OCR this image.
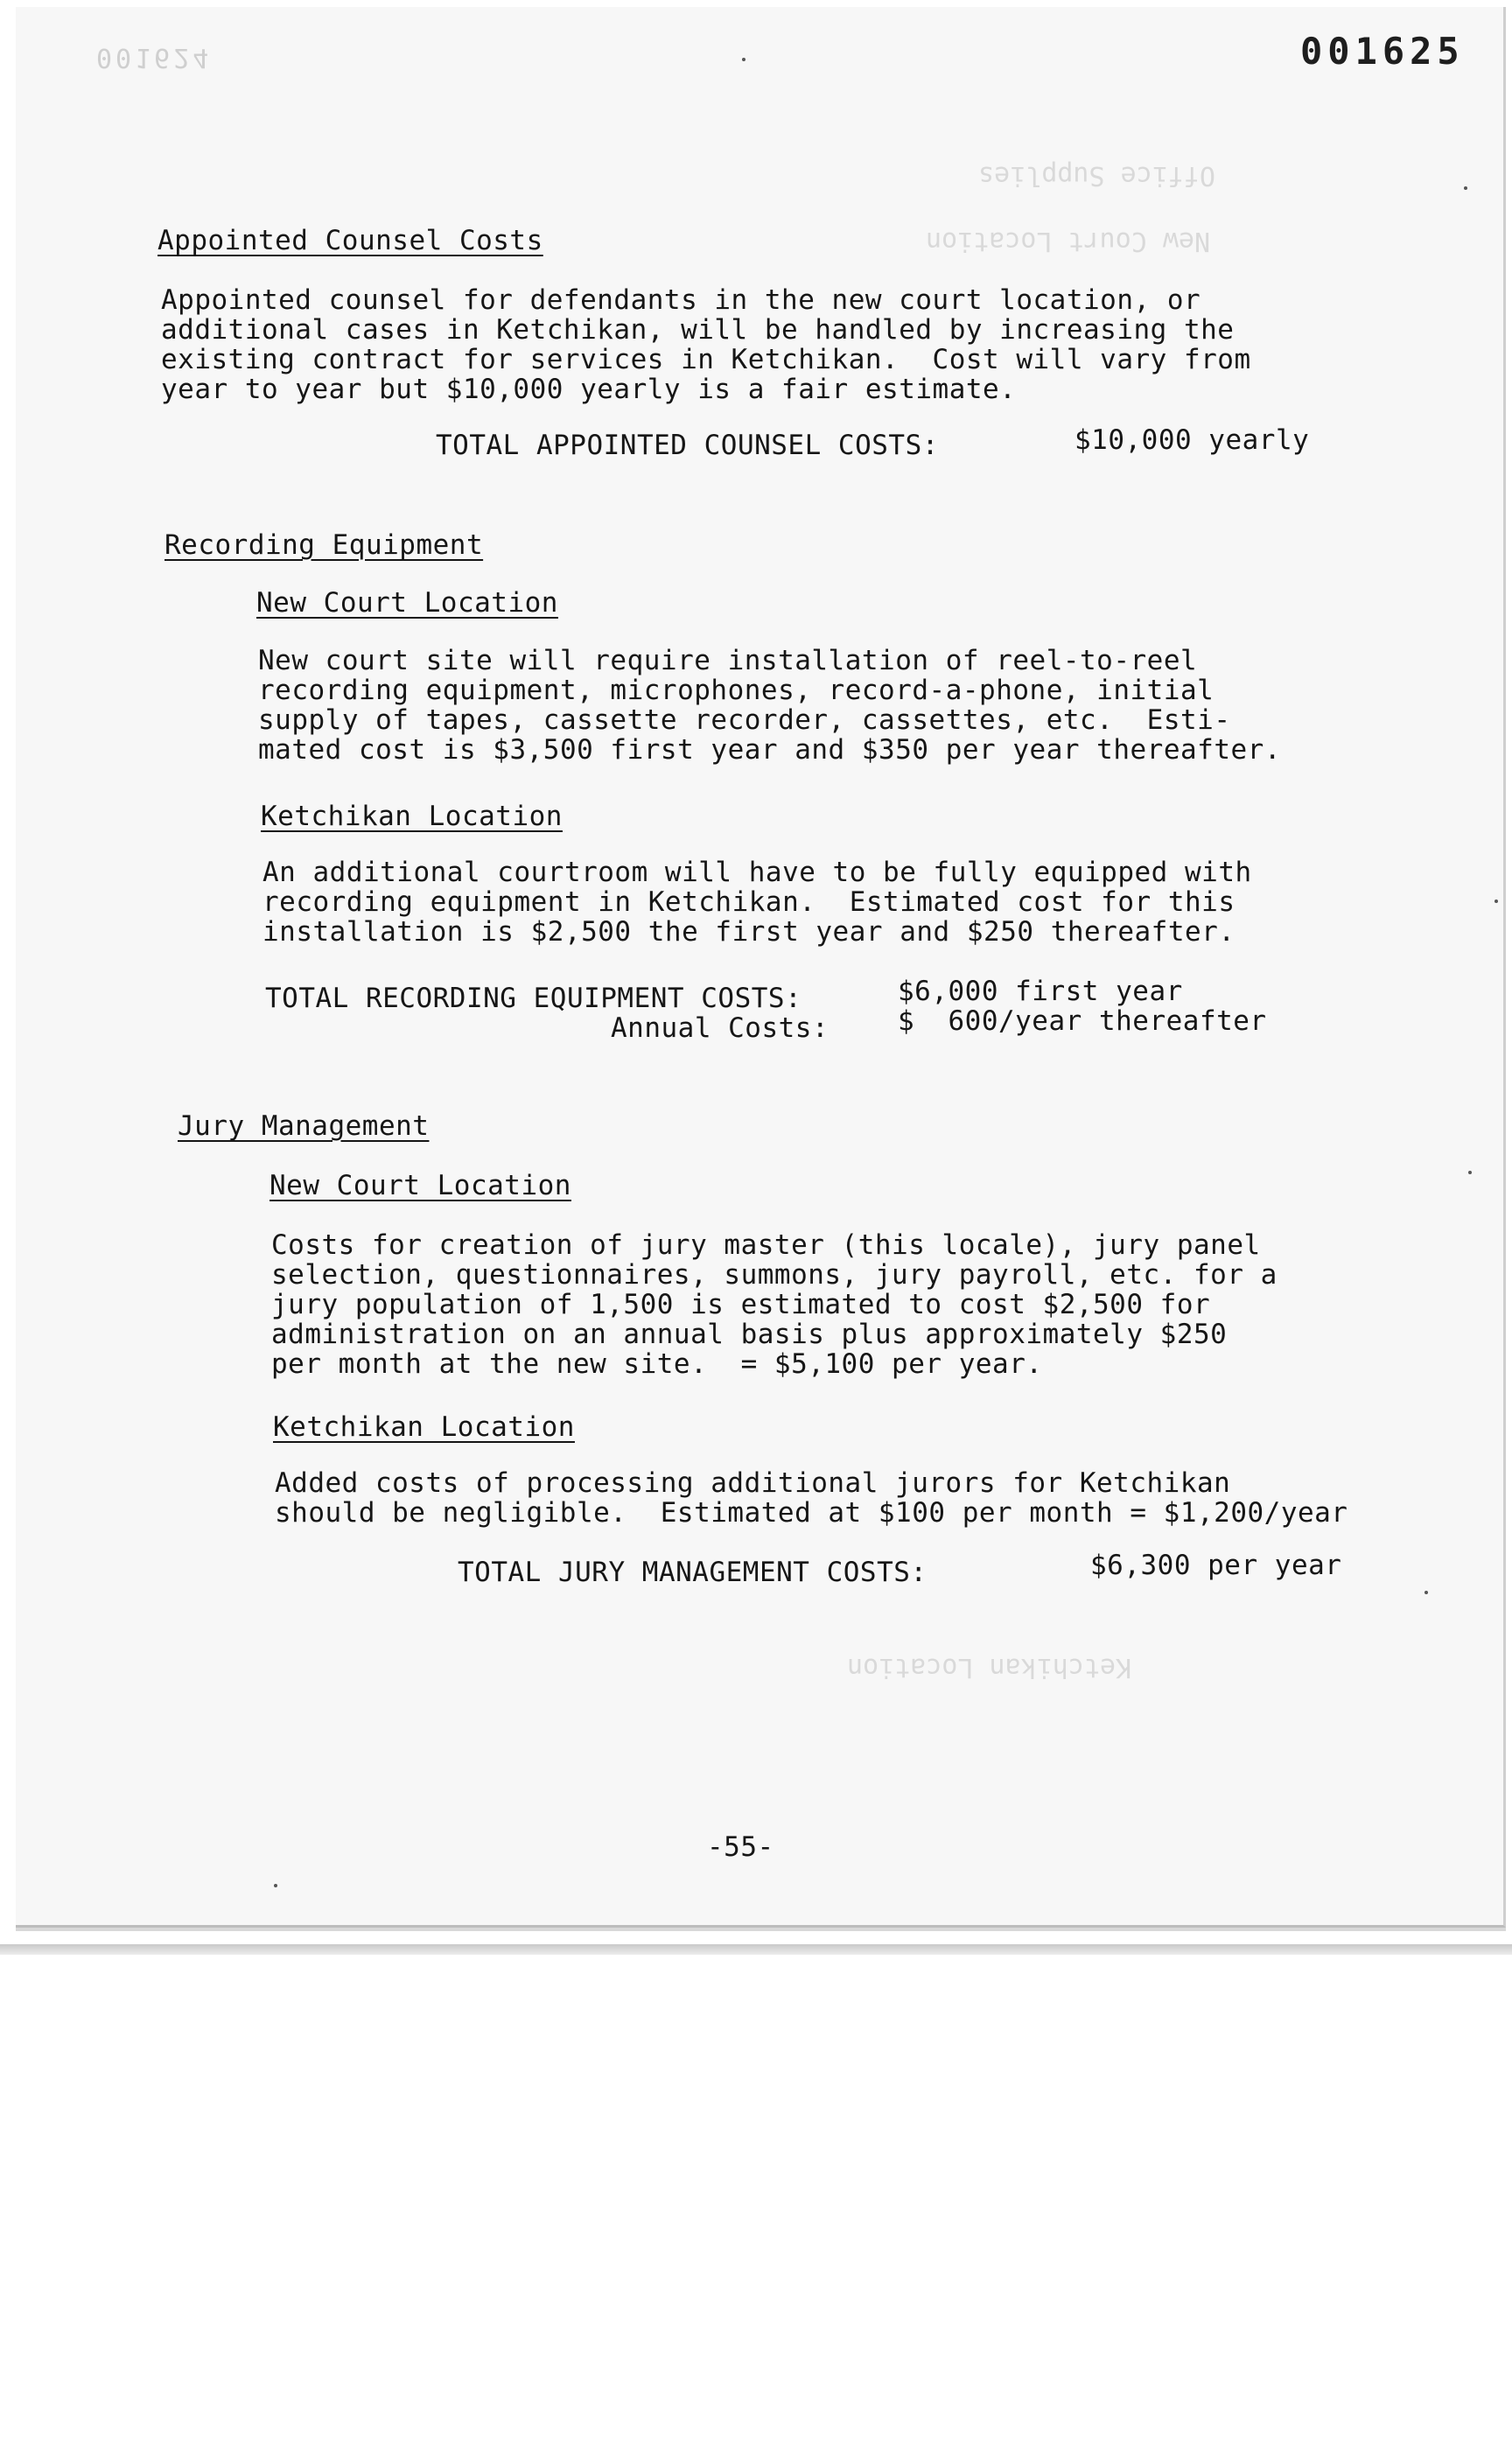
Office Supplies
New Court Location
Ketchikan Location
001624	001625
Appointed Counsel Costs
Appointed counsel for defendants in the new court location, or
additional cases in Ketchikan, will be handled by increasing the
existing contract for services in Ketchikan.  Cost will vary from
year to year but $10,000 yearly is a fair estimate.
TOTAL APPOINTED COUNSEL COSTS:	$10,000 yearly
Recording Equipment
New Court Location
New court site will require installation of reel-to-reel
recording equipment, microphones, record-a-phone, initial
supply of tapes, cassette recorder, cassettes, etc.  Esti-
mated cost is $3,500 first year and $350 per year thereafter.
Ketchikan Location
An additional courtroom will have to be fully equipped with
recording equipment in Ketchikan.  Estimated cost for this
installation is $2,500 the first year and $250 thereafter.
TOTAL RECORDING EQUIPMENT COSTS:	$6,000 first year
Annual Costs:	$  600/year thereafter
Jury Management
New Court Location
Costs for creation of jury master (this locale), jury panel
selection, questionnaires, summons, jury payroll, etc. for a
jury population of 1,500 is estimated to cost $2,500 for
administration on an annual basis plus approximately $250
per month at the new site.  = $5,100 per year.
Ketchikan Location
Added costs of processing additional jurors for Ketchikan
should be negligible.  Estimated at $100 per month = $1,200/year
TOTAL JURY MANAGEMENT COSTS:	$6,300 per year
-55-
